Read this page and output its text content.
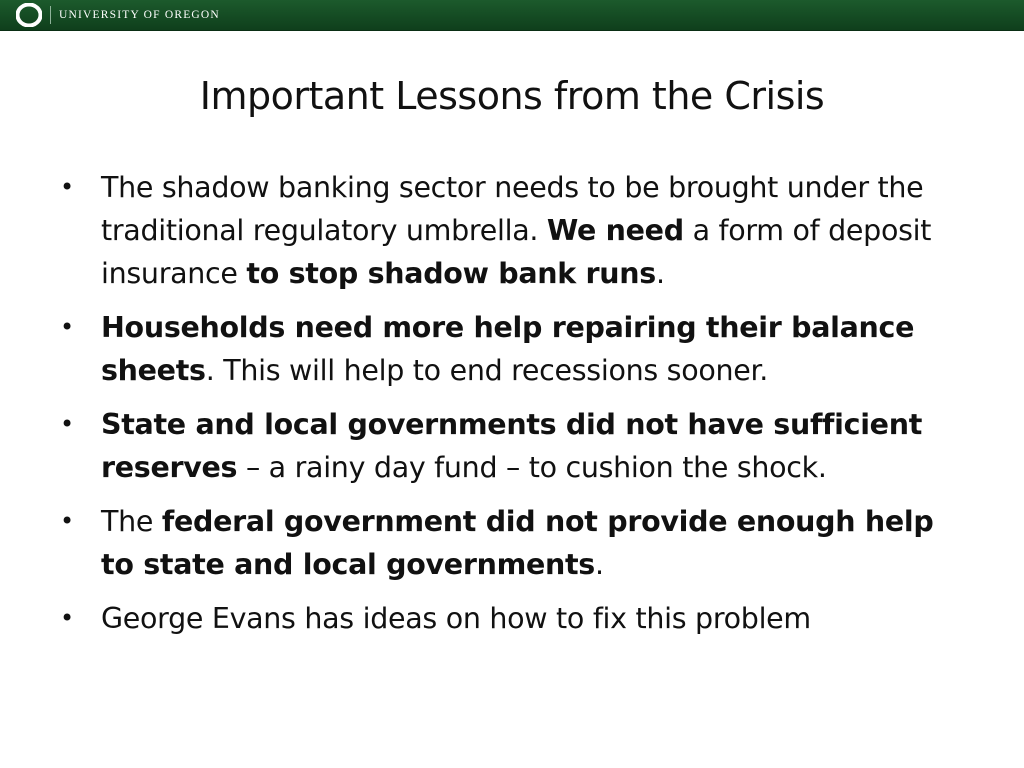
UNIVERSITY OF OREGON
Important Lessons from the Crisis
• The shadow banking sector needs to be brought under the traditional regulatory umbrella. We need a form of deposit insurance to stop shadow bank runs.
• Households need more help repairing their balance sheets. This will help to end recessions sooner.
• State and local governments did not have sufficient reserves – a rainy day fund – to cushion the shock.
• The federal government did not provide enough help to state and local governments.
• George Evans has ideas on how to fix this problem
